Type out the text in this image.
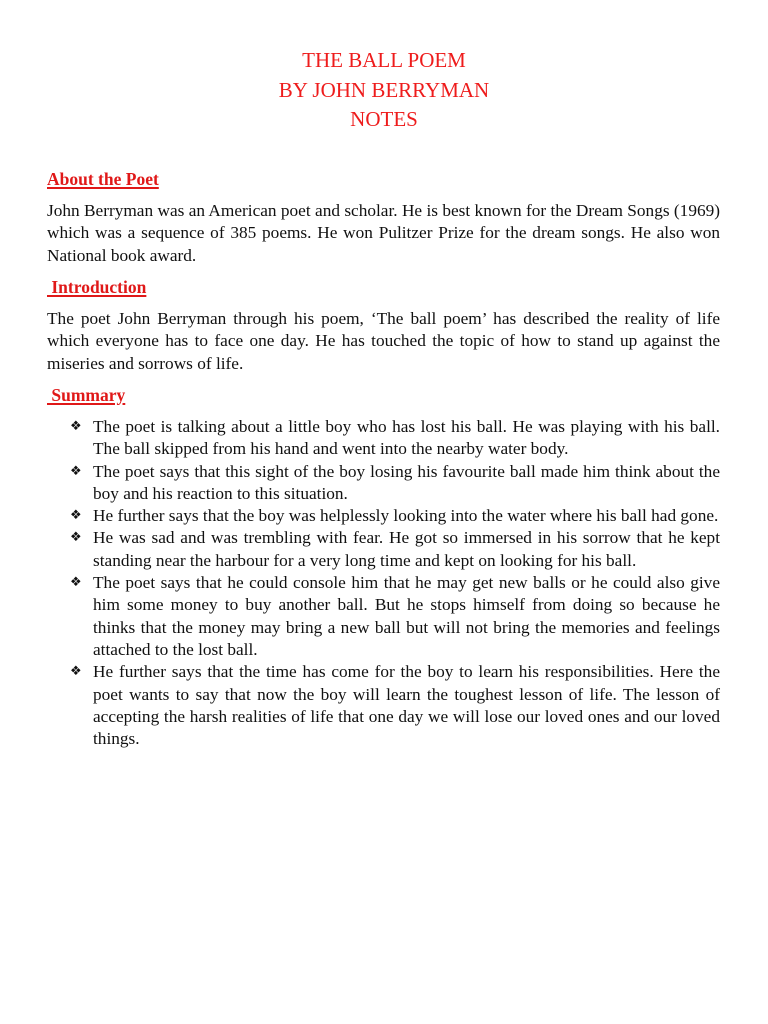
THE BALL POEM
BY JOHN BERRYMAN
NOTES
About the Poet
John Berryman was an American poet and scholar. He is best known for the Dream Songs (1969) which was a sequence of 385 poems. He won Pulitzer Prize for the dream songs. He also won National book award.
Introduction
The poet John Berryman through his poem, ‘The ball poem’ has described the reality of life which everyone has to face one day. He has touched the topic of how to stand up against the miseries and sorrows of life.
Summary
❖ The poet is talking about a little boy who has lost his ball. He was playing with his ball. The ball skipped from his hand and went into the nearby water body.
❖ The poet says that this sight of the boy losing his favourite ball made him think about the boy and his reaction to this situation.
❖ He further says that the boy was helplessly looking into the water where his ball had gone.
❖ He was sad and was trembling with fear. He got so immersed in his sorrow that he kept standing near the harbour for a very long time and kept on looking for his ball.
❖ The poet says that he could console him that he may get new balls or he could also give him some money to buy another ball. But he stops himself from doing so because he thinks that the money may bring a new ball but will not bring the memories and feelings attached to the lost ball.
❖ He further says that the time has come for the boy to learn his responsibilities. Here the poet wants to say that now the boy will learn the toughest lesson of life. The lesson of accepting the harsh realities of life that one day we will lose our loved ones and our loved things.
